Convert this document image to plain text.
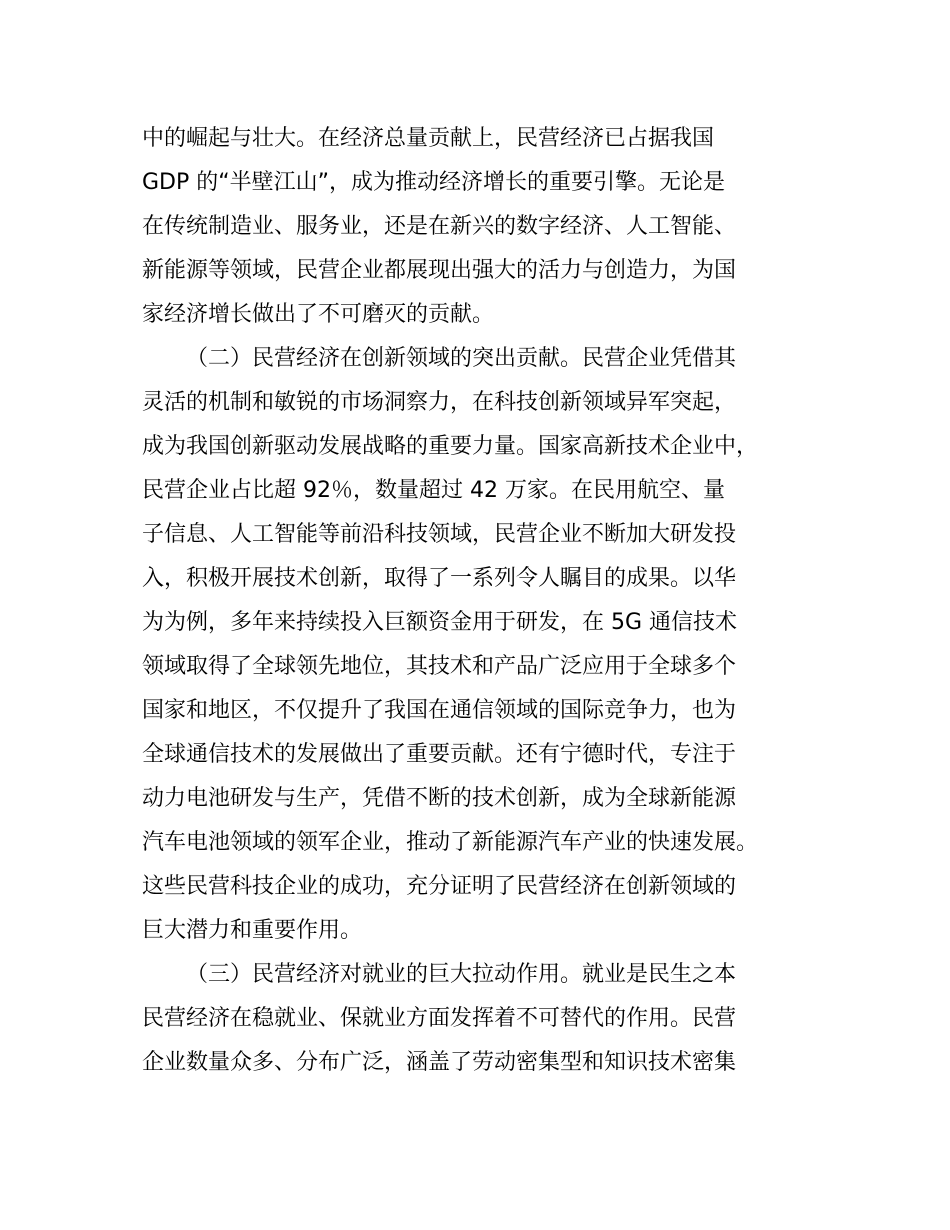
中的崛起与壮大。在经济总量贡献上，民营经济已占据我国
GDP 的“半壁江山”，成为推动经济增长的重要引擎。无论是
在传统制造业、服务业，还是在新兴的数字经济、人工智能、
新能源等领域，民营企业都展现出强大的活力与创造力，为国
家经济增长做出了不可磨灭的贡献。
（二）民营经济在创新领域的突出贡献。民营企业凭借其
灵活的机制和敏锐的市场洞察力，在科技创新领域异军突起，
成为我国创新驱动发展战略的重要力量。国家高新技术企业中，
民营企业占比超 92％，数量超过 42 万家。在民用航空、量
子信息、人工智能等前沿科技领域，民营企业不断加大研发投
入，积极开展技术创新，取得了一系列令人瞩目的成果。以华
为为例，多年来持续投入巨额资金用于研发，在 5G 通信技术
领域取得了全球领先地位，其技术和产品广泛应用于全球多个
国家和地区，不仅提升了我国在通信领域的国际竞争力，也为
全球通信技术的发展做出了重要贡献。还有宁德时代，专注于
动力电池研发与生产，凭借不断的技术创新，成为全球新能源
汽车电池领域的领军企业，推动了新能源汽车产业的快速发展。
这些民营科技企业的成功，充分证明了民营经济在创新领域的
巨大潜力和重要作用。
（三）民营经济对就业的巨大拉动作用。就业是民生之本
民营经济在稳就业、保就业方面发挥着不可替代的作用。民营
企业数量众多、分布广泛，涵盖了劳动密集型和知识技术密集
